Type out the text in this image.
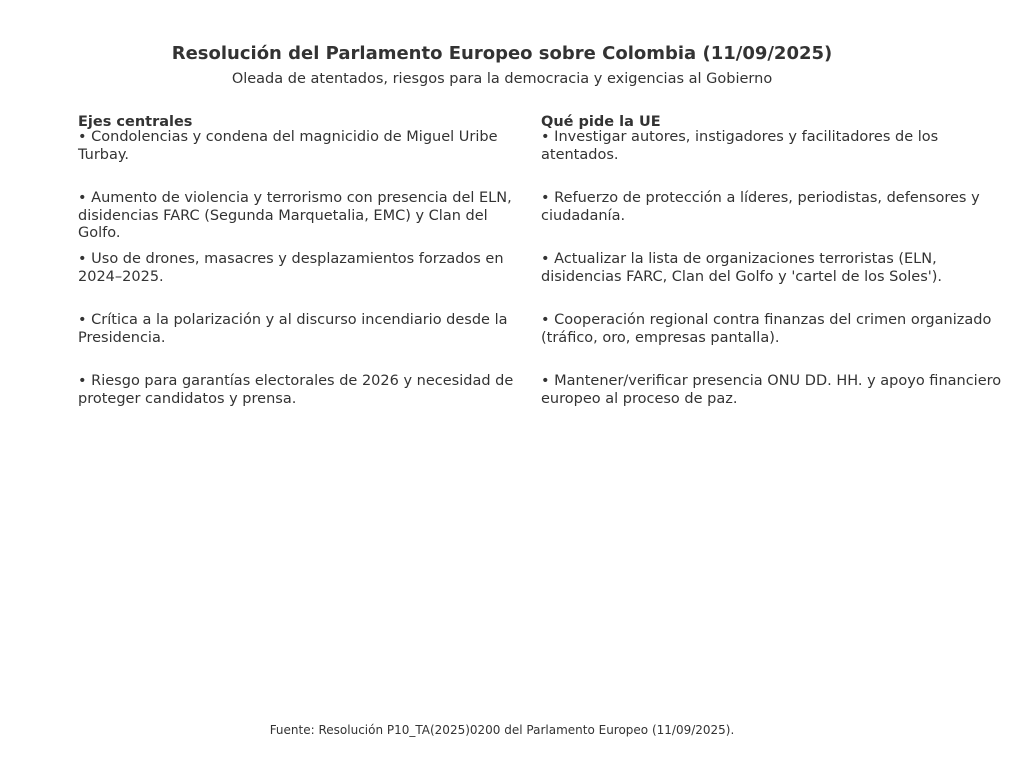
Resolución del Parlamento Europeo sobre Colombia (11/09/2025)
Oleada de atentados, riesgos para la democracia y exigencias al Gobierno
Ejes centrales
• Condolencias y condena del magnicidio de Miguel Uribe Turbay.
• Aumento de violencia y terrorismo con presencia del ELN, disidencias FARC (Segunda Marquetalia, EMC) y Clan del Golfo.
• Uso de drones, masacres y desplazamientos forzados en 2024–2025.
• Crítica a la polarización y al discurso incendiario desde la Presidencia.
• Riesgo para garantías electorales de 2026 y necesidad de proteger candidatos y prensa.
Qué pide la UE
• Investigar autores, instigadores y facilitadores de los atentados.
• Refuerzo de protección a líderes, periodistas, defensores y ciudadanía.
• Actualizar la lista de organizaciones terroristas (ELN, disidencias FARC, Clan del Golfo y 'cartel de los Soles').
• Cooperación regional contra finanzas del crimen organizado (tráfico, oro, empresas pantalla).
• Mantener/verificar presencia ONU DD. HH. y apoyo financiero europeo al proceso de paz.
Fuente: Resolución P10_TA(2025)0200 del Parlamento Europeo (11/09/2025).
